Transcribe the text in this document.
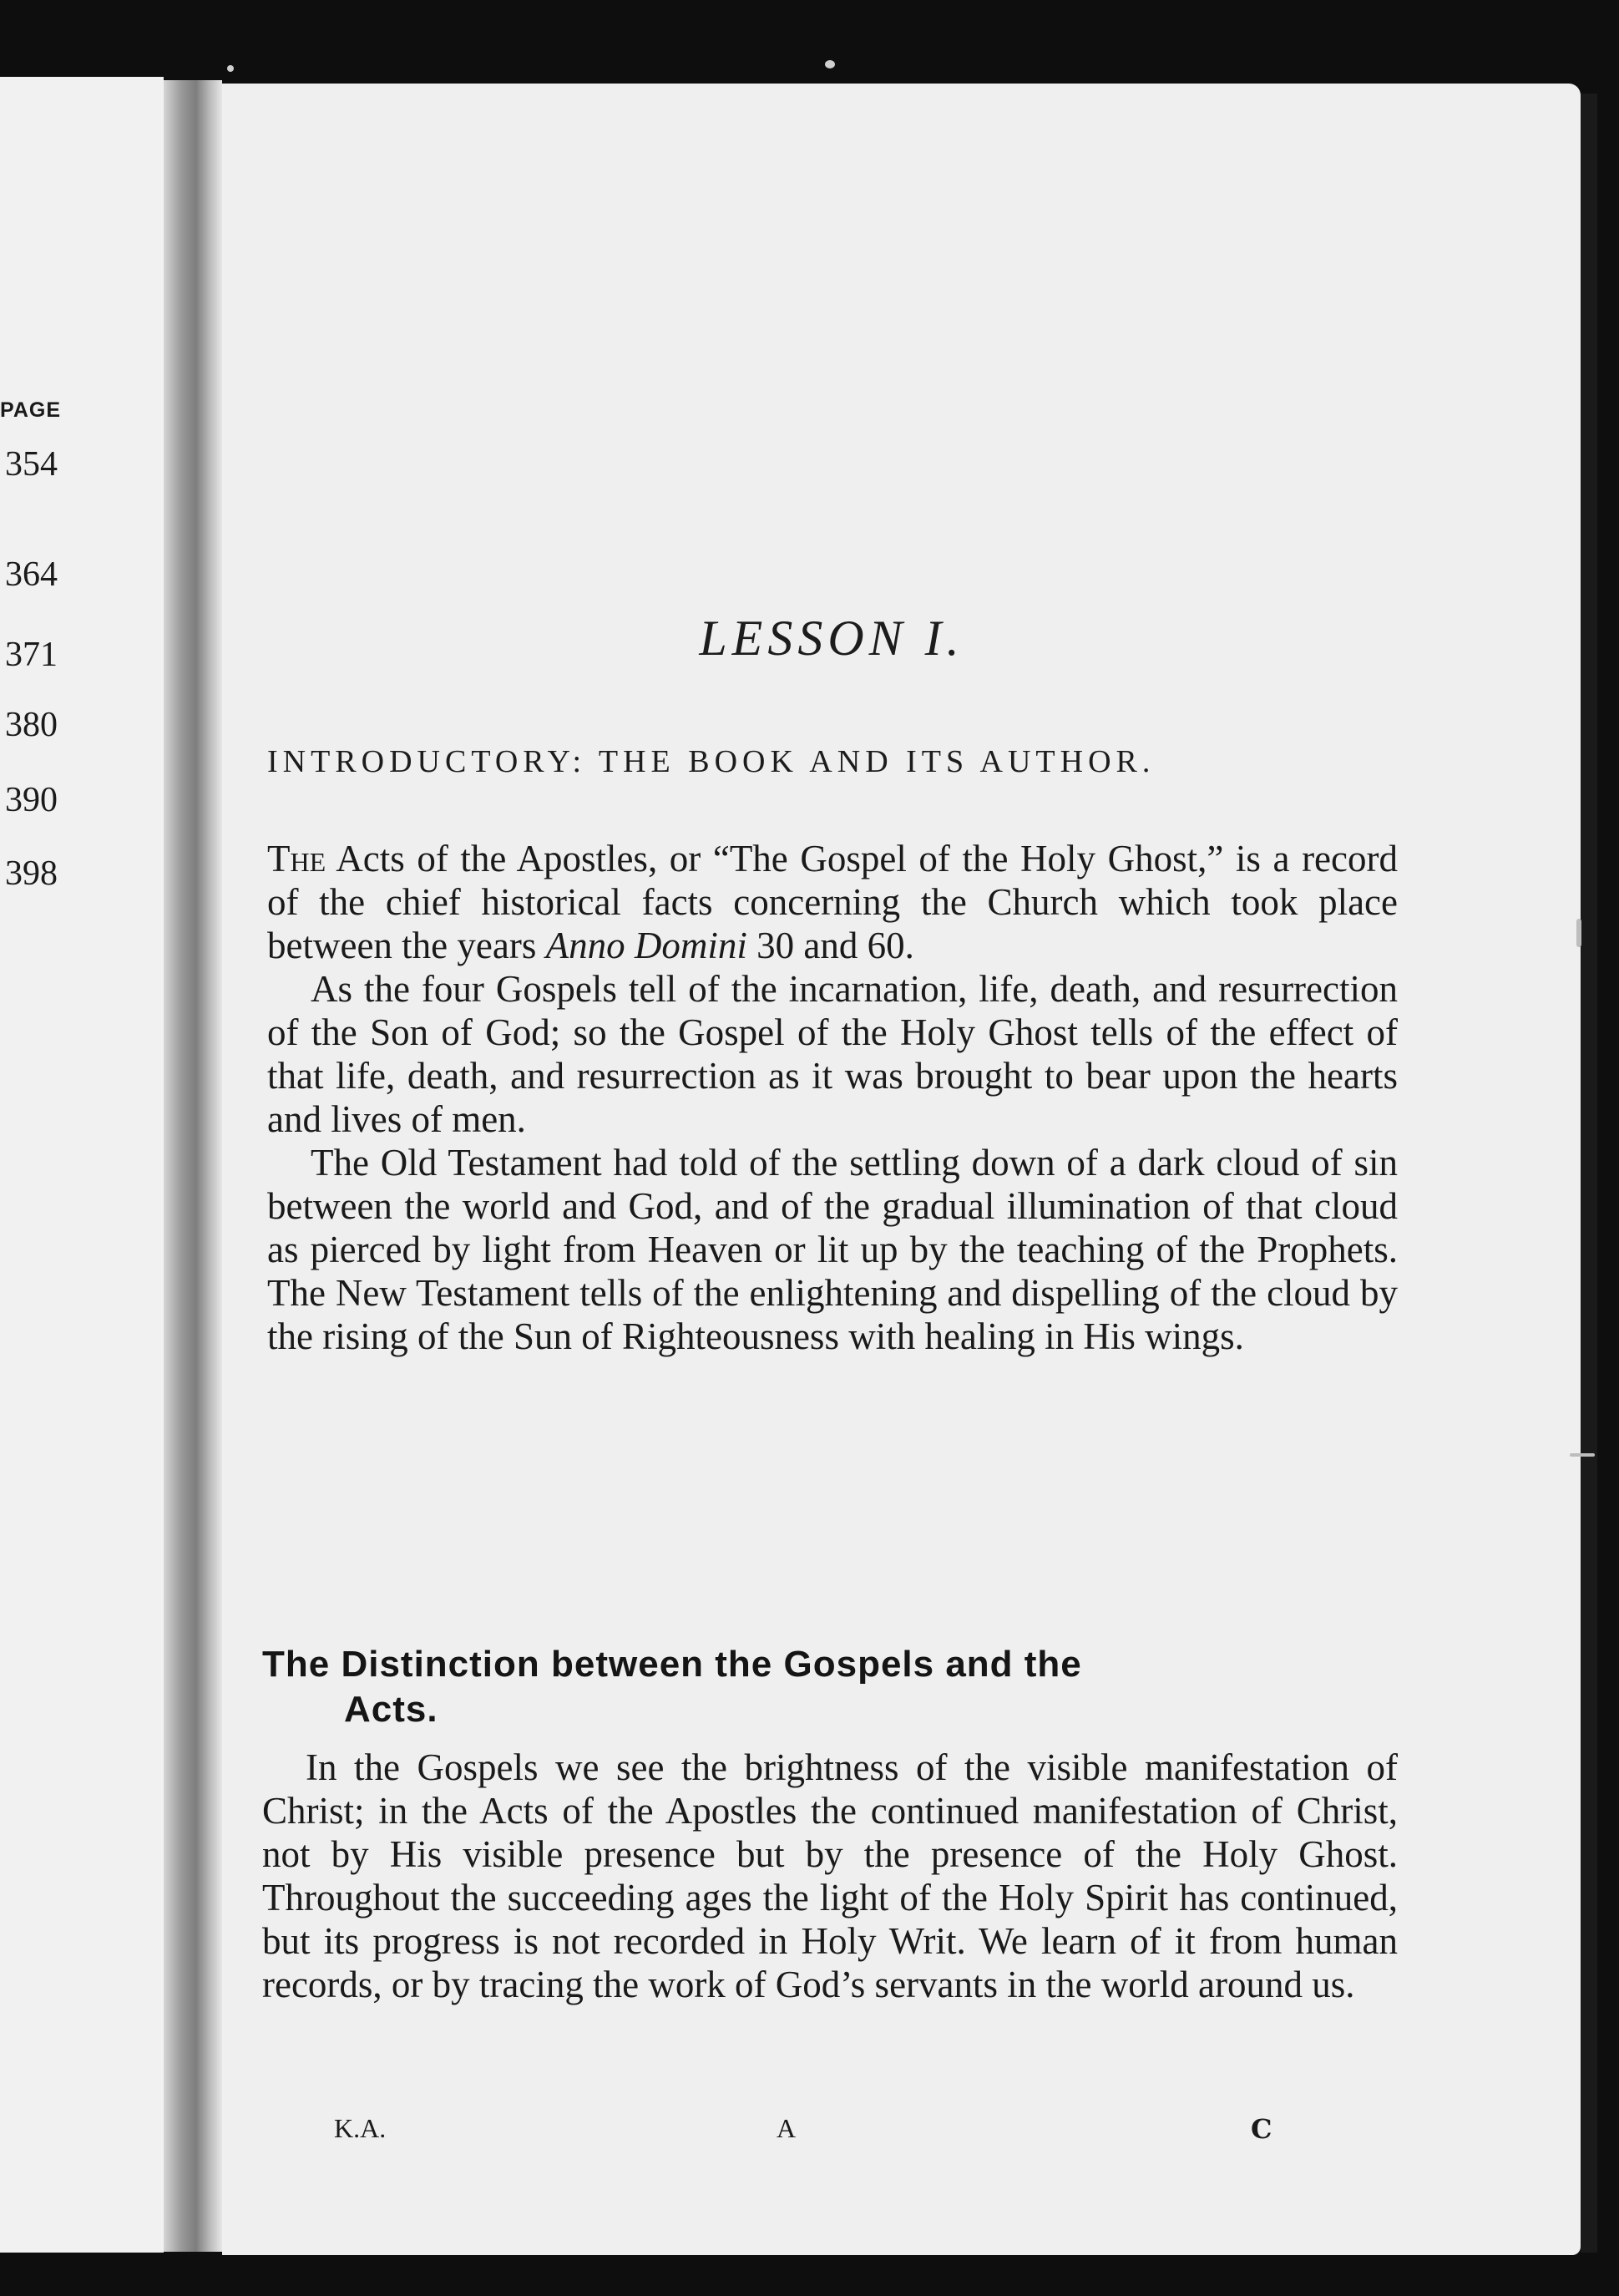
PAGE
354
364
371
380
390
398
LESSON I.
INTRODUCTORY: THE BOOK AND ITS AUTHOR.

The Acts of the Apostles, or “The Gospel of the Holy Ghost,” is a record of the chief historical facts concerning the Church which took place between the years Anno Domini 30 and 60.

As the four Gospels tell of the incarnation, life, death, and resurrection of the Son of God; so the Gospel of the Holy Ghost tells of the effect of that life, death, and resurrection as it was brought to bear upon the hearts and lives of men.

The Old Testament had told of the settling down of a dark cloud of sin between the world and God, and of the gradual illumination of that cloud as pierced by light from Heaven or lit up by the teaching of the Prophets. The New Testament tells of the enlightening and dispelling of the cloud by the rising of the Sun of Righteousness with healing in His wings.

The Distinction between the Gospels and the
Acts.

In the Gospels we see the brightness of the visible manifestation of Christ; in the Acts of the Apostles the continued manifestation of Christ, not by His visible presence but by the presence of the Holy Ghost. Throughout the succeeding ages the light of the Holy Spirit has continued, but its progress is not recorded in Holy Writ. We learn of it from human records, or by tracing the work of God’s servants in the world around us.

K.A.	A	C
